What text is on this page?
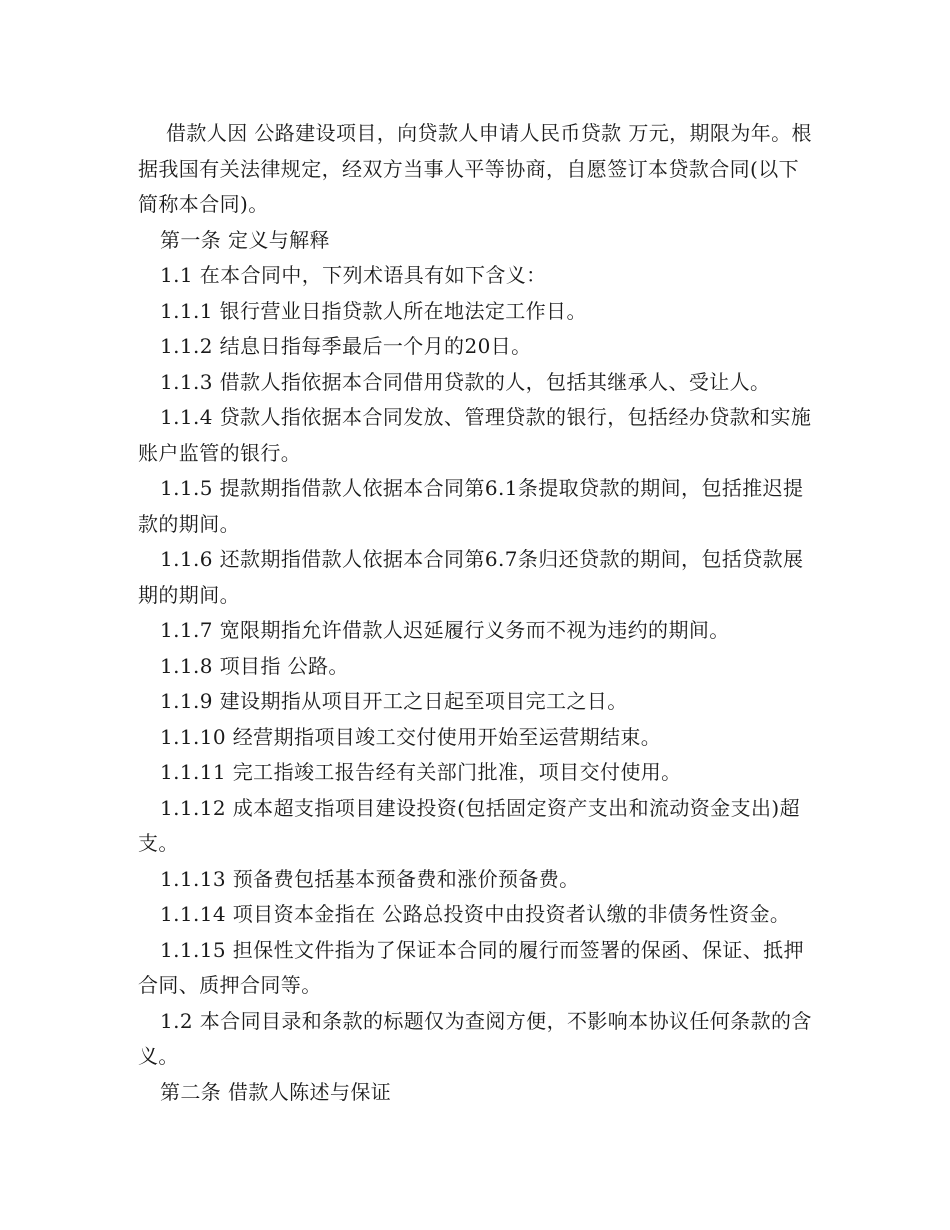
借款人因 公路建设项目，向贷款人申请人民币贷款 万元，期限为年。根据我国有关法律规定，经双方当事人平等协商，自愿签订本贷款合同(以下简称本合同)。

第一条 定义与解释

1.1 在本合同中，下列术语具有如下含义：

1.1.1 银行营业日指贷款人所在地法定工作日。

1.1.2 结息日指每季最后一个月的20日。

1.1.3 借款人指依据本合同借用贷款的人，包括其继承人、受让人。

1.1.4 贷款人指依据本合同发放、管理贷款的银行，包括经办贷款和实施账户监管的银行。

1.1.5 提款期指借款人依据本合同第6.1条提取贷款的期间，包括推迟提款的期间。

1.1.6 还款期指借款人依据本合同第6.7条归还贷款的期间，包括贷款展期的期间。

1.1.7 宽限期指允许借款人迟延履行义务而不视为违约的期间。

1.1.8 项目指 公路。

1.1.9 建设期指从项目开工之日起至项目完工之日。

1.1.10 经营期指项目竣工交付使用开始至运营期结束。

1.1.11 完工指竣工报告经有关部门批准，项目交付使用。

1.1.12 成本超支指项目建设投资(包括固定资产支出和流动资金支出)超支。

1.1.13 预备费包括基本预备费和涨价预备费。

1.1.14 项目资本金指在 公路总投资中由投资者认缴的非债务性资金。

1.1.15 担保性文件指为了保证本合同的履行而签署的保函、保证、抵押合同、质押合同等。

1.2 本合同目录和条款的标题仅为查阅方便，不影响本协议任何条款的含义。

第二条 借款人陈述与保证
